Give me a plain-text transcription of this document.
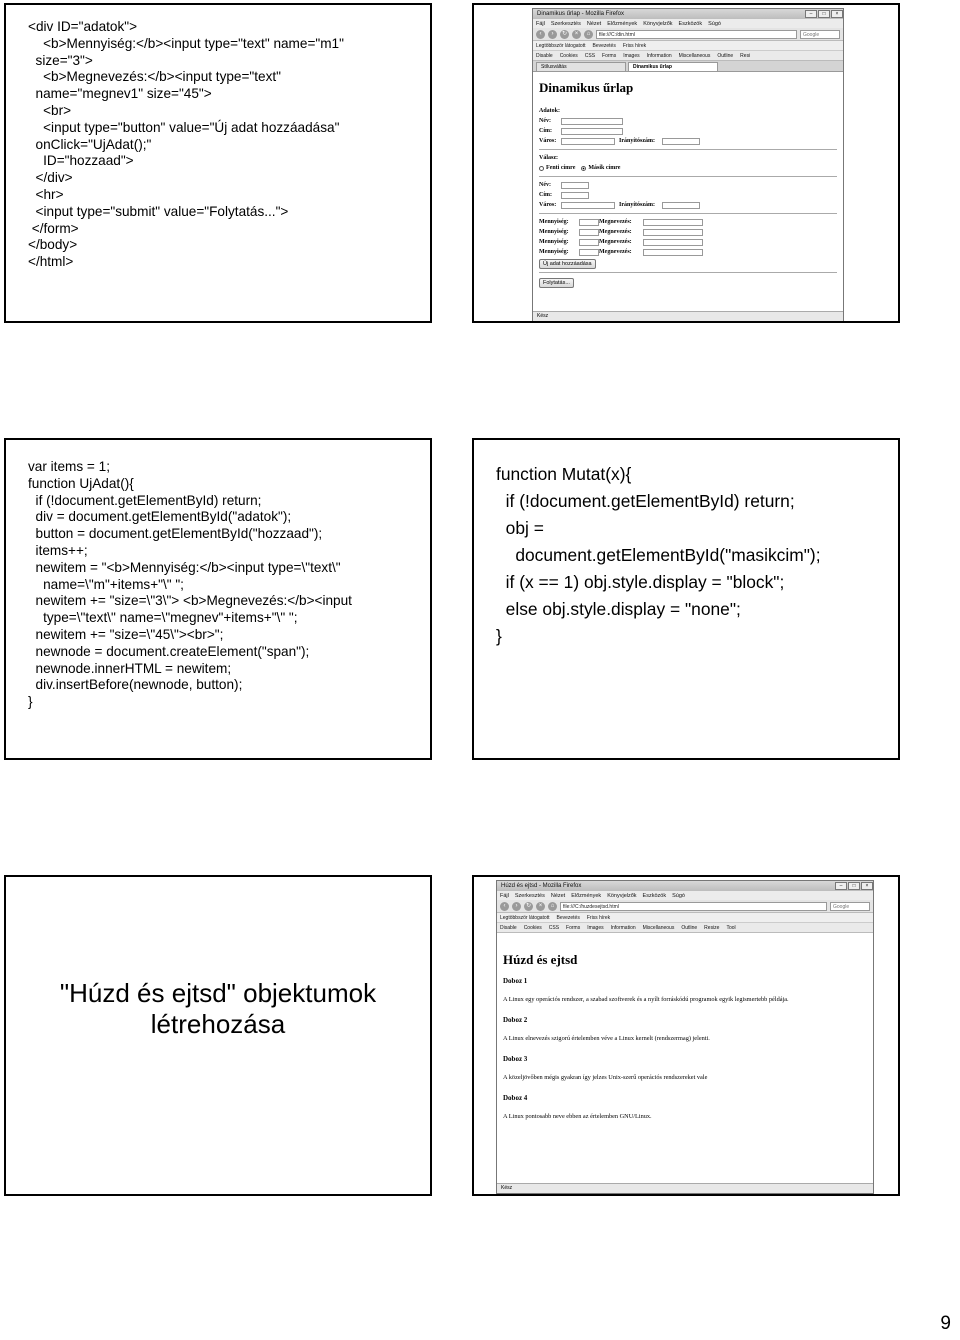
<div ID="adatok">
<b>Mennyiség:</b><input type="text" name="m1"
size="3">
<b>Megnevezés:</b><input type="text"
name="megnev1" size="45">
<br>
<input type="button" value="Új adat hozzáadása"
onClick="UjAdat();"
ID="hozzaad">
</div>
<hr>
<input type="submit" value="Folytatás...">
</form>
</body>
</html>
Dinamikus űrlap - Mozilla Firefox	–	□	×
Fájl Szerkesztés Nézet Előzmények Könyvjelzők Eszközök Súgó
‹	›	↻	×	⌂	file:///C:/din.html	Google
Legtöbbször látogatott Bevezetés Friss hírek
Disable Cookies CSS Forms Images Information Miscellaneous Outline Resi
Stílusváltás	Dinamikus űrlap
Dinamikus űrlap
Adatok:
Név:
Cím:
Város:	Irányítószám:
Válasz:
Fenti címre Másik címre
Név:
Cím:
Város:	Irányítószám:
Mennyiség:	Megnevezés:
Mennyiség:	Megnevezés:
Mennyiség:	Megnevezés:
Mennyiség:	Megnevezés:
Új adat hozzáadása
Folytatás...
Kész
var items = 1;
function UjAdat(){
if (!document.getElementById) return;
div = document.getElementById("adatok");
button = document.getElementById("hozzaad");
items++;
newitem = "<b>Mennyiség:</b><input type=\"text\"
name=\"m"+items+"\" ";
newitem += "size=\"3\"> <b>Megnevezés:</b><input
type=\"text\" name=\"megnev"+items+"\" ";
newitem += "size=\"45\"><br>";
newnode = document.createElement("span");
newnode.innerHTML = newitem;
div.insertBefore(newnode, button);
}
function Mutat(x){
if (!document.getElementById) return;
obj =
document.getElementById("masikcim");
if (x == 1) obj.style.display = "block";
else obj.style.display = "none";
}
"Húzd és ejtsd" objektumok
létrehozása
Húzd és ejtsd - Mozilla Firefox	–	□	×
Fájl Szerkesztés Nézet Előzmények Könyvjelzők Eszközök Súgó
‹	›	↻	×	⌂	file:///C:/huzdesejtsd.html	Google
Legtöbbször látogatott Bevezetés Friss hírek
Disable Cookies CSS Forms Images Information Miscellaneous Outline Resize Tool
Húzd és ejtsd
Doboz 1
A Linux egy operációs rendszer, a szabad szoftverek és a nyílt forráskódú programok egyik legismertebb példája.
Doboz 2
A Linux elnevezés szigorú értelemben véve a Linux kernelt (rendszermag) jelenti.
Doboz 3
A közeljövőben mégis gyakran így jelzes Unix-szerű operációs rendszereket vale
Doboz 4
A Linux pontosabb neve ebben az értelemben GNU/Linux.
Kész
9
